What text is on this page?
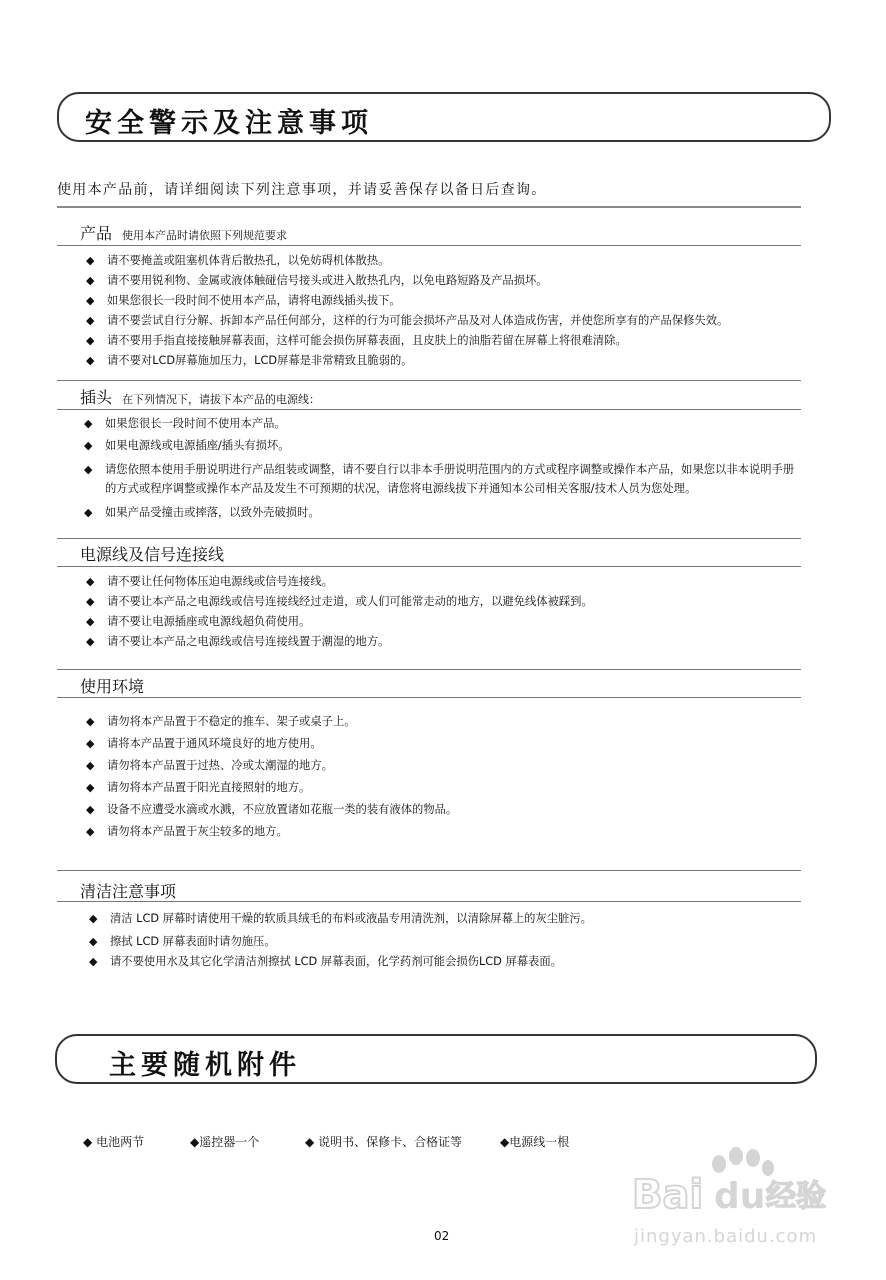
安全警示及注意事项
使用本产品前，请详细阅读下列注意事项，并请妥善保存以备日后查询。
产品 使用本产品时请依照下列规范要求
◆ 请不要掩盖或阻塞机体背后散热孔，以免妨碍机体散热。
◆ 请不要用锐利物、金属或液体触碰信号接头或进入散热孔内，以免电路短路及产品损坏。
◆ 如果您很长一段时间不使用本产品，请将电源线插头拔下。
◆ 请不要尝试自行分解、拆卸本产品任何部分，这样的行为可能会损坏产品及对人体造成伤害，并使您所享有的产品保修失效。
◆ 请不要用手指直接接触屏幕表面，这样可能会损伤屏幕表面，且皮肤上的油脂若留在屏幕上将很难清除。
◆ 请不要对LCD屏幕施加压力，LCD屏幕是非常精致且脆弱的。
插头 在下列情况下，请拔下本产品的电源线：
◆ 如果您很长一段时间不使用本产品。
◆ 如果电源线或电源插座/插头有损坏。
◆ 请您依照本使用手册说明进行产品组装或调整，请不要自行以非本手册说明范围内的方式或程序调整或操作本产品，如果您以非本说明手册的方式或程序调整或操作本产品及发生不可预期的状况，请您将电源线拔下并通知本公司相关客服/技术人员为您处理。
◆ 如果产品受撞击或摔落，以致外壳破损时。
电源线及信号连接线
◆ 请不要让任何物体压迫电源线或信号连接线。
◆ 请不要让本产品之电源线或信号连接线经过走道，或人们可能常走动的地方，以避免线体被踩到。
◆ 请不要让电源插座或电源线超负荷使用。
◆ 请不要让本产品之电源线或信号连接线置于潮湿的地方。
使用环境
◆ 请勿将本产品置于不稳定的推车、架子或桌子上。
◆ 请将本产品置于通风环境良好的地方使用。
◆ 请勿将本产品置于过热、冷或太潮湿的地方。
◆ 请勿将本产品置于阳光直接照射的地方。
◆ 设备不应遭受水滴或水溅，不应放置诸如花瓶一类的装有液体的物品。
◆ 请勿将本产品置于灰尘较多的地方。
清洁注意事项
◆ 清洁 LCD 屏幕时请使用干燥的软质具绒毛的布料或液晶专用清洗剂，以清除屏幕上的灰尘脏污。
◆ 擦拭 LCD 屏幕表面时请勿施压。
◆ 请不要使用水及其它化学清洁剂擦拭 LCD 屏幕表面，化学药剂可能会损伤LCD 屏幕表面。
主要随机附件
◆ 电池两节	◆遥控器一个	◆ 说明书、保修卡、合格证等	◆电源线一根
Bai du 经验
jingyan.baidu.com
02
